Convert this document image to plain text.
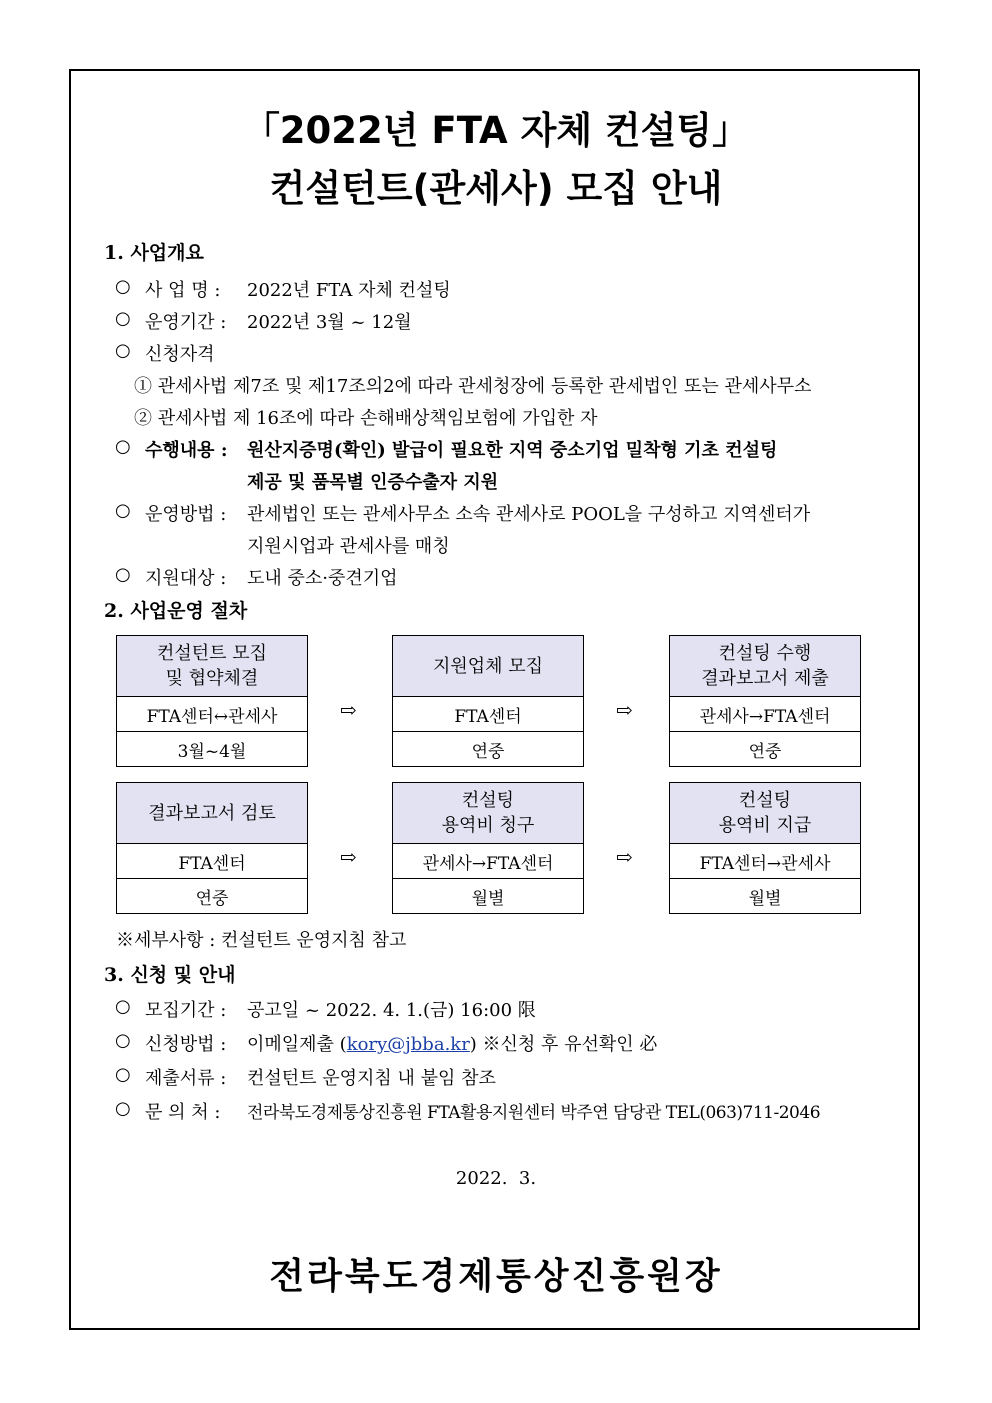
「2022년 FTA 자체 컨설팅」
컨설턴트(관세사) 모집 안내
1. 사업개요
○ 사 업 명 : 2022년 FTA 자체 컨설팅
○ 운영기간 : 2022년 3월 ~ 12월
○ 신청자격
① 관세사법 제7조 및 제17조의2에 따라 관세청장에 등록한 관세법인 또는 관세사무소
② 관세사법 제 16조에 따라 손해배상책임보험에 가입한 자
○ 수행내용 : 원산지증명(확인) 발급이 필요한 지역 중소기업 밀착형 기초 컨설팅
제공 및 품목별 인증수출자 지원
○ 운영방법 : 관세법인 또는 관세사무소 소속 관세사로 POOL을 구성하고 지역센터가
지원시업과 관세사를 매칭
○ 지원대상 : 도내 중소·중견기업
2. 사업운영 절차
컨설턴트 모집
및 협약체결
FTA센터↔관세사
3월~4월
⇨
지원업체 모집
FTA센터
연중
⇨
컨설팅 수행
결과보고서 제출
관세사→FTA센터
연중
결과보고서 검토
FTA센터
연중
⇨
컨설팅
용역비 청구
관세사→FTA센터
월별
⇨
컨설팅
용역비 지급
FTA센터→관세사
월별
※세부사항 : 컨설턴트 운영지침 참고
3. 신청 및 안내
○ 모집기간 : 공고일 ~ 2022. 4. 1.(금) 16:00 限
○ 신청방법 : 이메일제출 (kory@jbba.kr) ※신청 후 유선확인 必
○ 제출서류 : 컨설턴트 운영지침 내 붙임 참조
○ 문 의 처 : 전라북도경제통상진흥원 FTA활용지원센터 박주연 담당관 TEL(063)711-2046
2022.  3.
전라북도경제통상진흥원장
